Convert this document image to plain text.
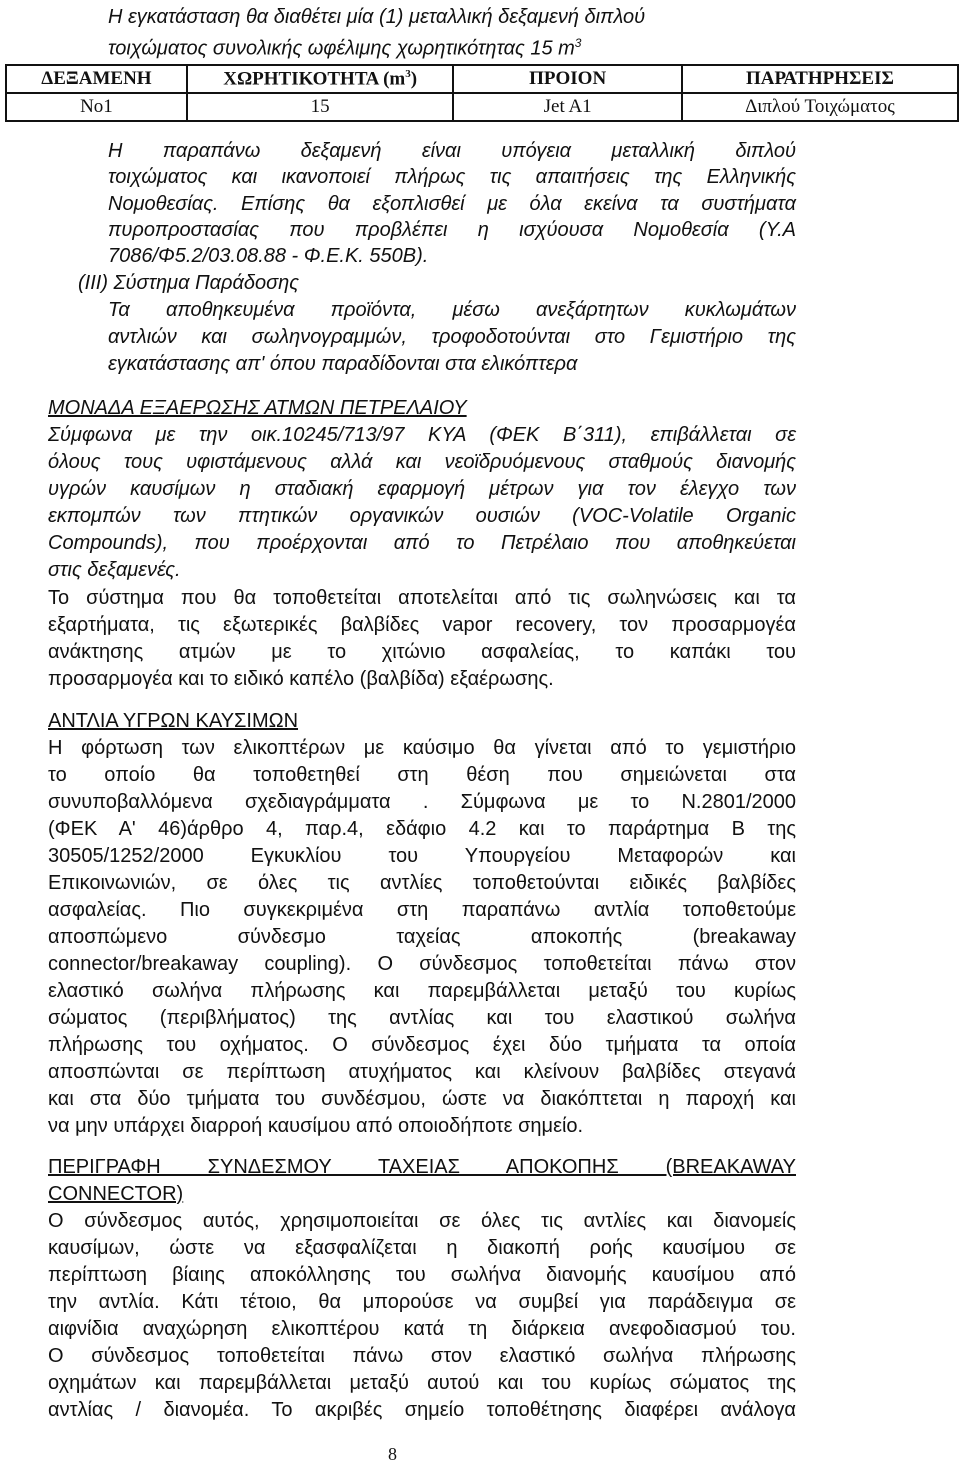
Η εγκατάσταση θα διαθέτει μία (1) μεταλλική δεξαμενή διπλού
τοιχώματος συνολικής ωφέλιμης χωρητικότητας 15 $m^3$
ΔΕΞΑΜΕΝΗ	ΧΩΡΗΤΙΚΟΤΗΤΑ $(m^3)$	ΠΡΟΙΟΝ	ΠΑΡΑΤΗΡΗΣΕΙΣ
Νο1	15	Jet A1	Διπλού Τοιχώματος
Η παραπάνω δεξαμενή είναι υπόγεια μεταλλική διπλού
τοιχώματος και ικανοποιεί πλήρως τις απαιτήσεις της Ελληνικής
Νομοθεσίας. Επίσης θα εξοπλισθεί με όλα εκείνα τα συστήματα
πυροπροστασίας που προβλέπει η ισχύουσα Νομοθεσία (Υ.Α
7086/Φ5.2/03.08.88 - Φ.Ε.Κ. 550Β).
(ΙΙΙ) Σύστημα Παράδοσης
Τα αποθηκευμένα προϊόντα, μέσω ανεξάρτητων κυκλωμάτων
αντλιών και σωληνογραμμών, τροφοδοτούνται στο Γεμιστήριο της
εγκατάστασης απ' όπου παραδίδονται στα ελικόπτερα
ΜΟΝΑΔΑ ΕΞΑΕΡΩΣΗΣ ΑΤΜΩΝ ΠΕΤΡΕΛΑΙΟΥ
Σύμφωνα με την οικ.10245/713/97 ΚΥΑ (ΦΕΚ Β΄311), επιβάλλεται σε
όλους τους υφιστάμενους αλλά και νεοϊδρυόμενους σταθμούς διανομής
υγρών καυσίμων η σταδιακή εφαρμογή μέτρων για τον έλεγχο των
εκπομπών των πτητικών οργανικών ουσιών (VOC-Volatile Organic
Compounds), που προέρχονται από το Πετρέλαιο που αποθηκεύεται
στις δεξαμενές.
Το σύστημα που θα τοποθετείται αποτελείται από τις σωληνώσεις και τα
εξαρτήματα, τις εξωτερικές βαλβίδες vapor recovery, τον προσαρμογέα
ανάκτησης ατμών με το χιτώνιο ασφαλείας, το καπάκι του
προσαρμογέα και το ειδικό καπέλο (βαλβίδα) εξαέρωσης.
ΑΝΤΛΙΑ ΥΓΡΩΝ ΚΑΥΣΙΜΩΝ
Η φόρτωση των ελικοπτέρων με καύσιμο θα γίνεται από το γεμιστήριο
το οποίο θα τοποθετηθεί στη θέση που σημειώνεται στα
συνυποβαλλόμενα σχεδιαγράμματα . Σύμφωνα με το Ν.2801/2000
(ΦΕΚ Α' 46)άρθρο 4, παρ.4, εδάφιο 4.2 και το παράρτημα Β της
30505/1252/2000 Εγκυκλίου του Υπουργείου Μεταφορών και
Επικοινωνιών, σε όλες τις αντλίες τοποθετούνται ειδικές βαλβίδες
ασφαλείας. Πιο συγκεκριμένα στη παραπάνω αντλία τοποθετούμε
αποσπώμενο σύνδεσμο ταχείας αποκοπής (breakaway
connector/breakaway coupling). Ο σύνδεσμος τοποθετείται πάνω στον
ελαστικό σωλήνα πλήρωσης και παρεμβάλλεται μεταξύ του κυρίως
σώματος (περιβλήματος) της αντλίας και του ελαστικού σωλήνα
πλήρωσης του οχήματος. Ο σύνδεσμος έχει δύο τμήματα τα οποία
αποσπώνται σε περίπτωση ατυχήματος και κλείνουν βαλβίδες στεγανά
και στα δύο τμήματα του συνδέσμου, ώστε να διακόπτεται η παροχή και
να μην υπάρχει διαρροή καυσίμου από οποιοδήποτε σημείο.
ΠΕΡΙΓΡΑΦΗ ΣΥΝΔΕΣΜΟΥ ΤΑΧΕΙΑΣ ΑΠΟΚΟΠΗΣ (BREAKAWAY
CONNECTOR)
Ο σύνδεσμος αυτός, χρησιμοποιείται σε όλες τις αντλίες και διανομείς
καυσίμων, ώστε να εξασφαλίζεται η διακοπή ροής καυσίμου σε
περίπτωση βίαιης αποκόλλησης του σωλήνα διανομής καυσίμου από
την αντλία. Κάτι τέτοιο, θα μπορούσε να συμβεί για παράδειγμα σε
αιφνίδια αναχώρηση ελικοπτέρου κατά τη διάρκεια ανεφοδιασμού του.
Ο σύνδεσμος τοποθετείται πάνω στον ελαστικό σωλήνα πλήρωσης
οχημάτων και παρεμβάλλεται μεταξύ αυτού και του κυρίως σώματος της
αντλίας / διανομέα. Το ακριβές σημείο τοποθέτησης διαφέρει ανάλογα
8
